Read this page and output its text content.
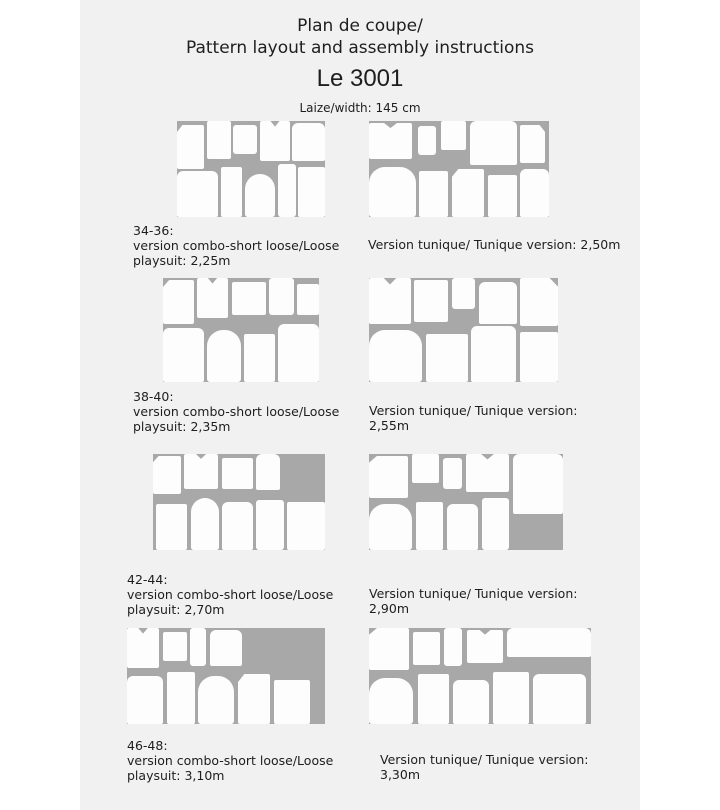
Plan de coupe/
Pattern layout and assembly instructions
Le 3001
Laize/width: 145 cm
34-36:
version combo-short loose/Loose
playsuit: 2,25m
Version tunique/ Tunique version: 2,50m
38-40:
version combo-short loose/Loose
playsuit: 2,35m
Version tunique/ Tunique version:
2,55m
42-44:
version combo-short loose/Loose
playsuit: 2,70m
Version tunique/ Tunique version:
2,90m
46-48:
version combo-short loose/Loose
playsuit: 3,10m
Version tunique/ Tunique version:
3,30m
